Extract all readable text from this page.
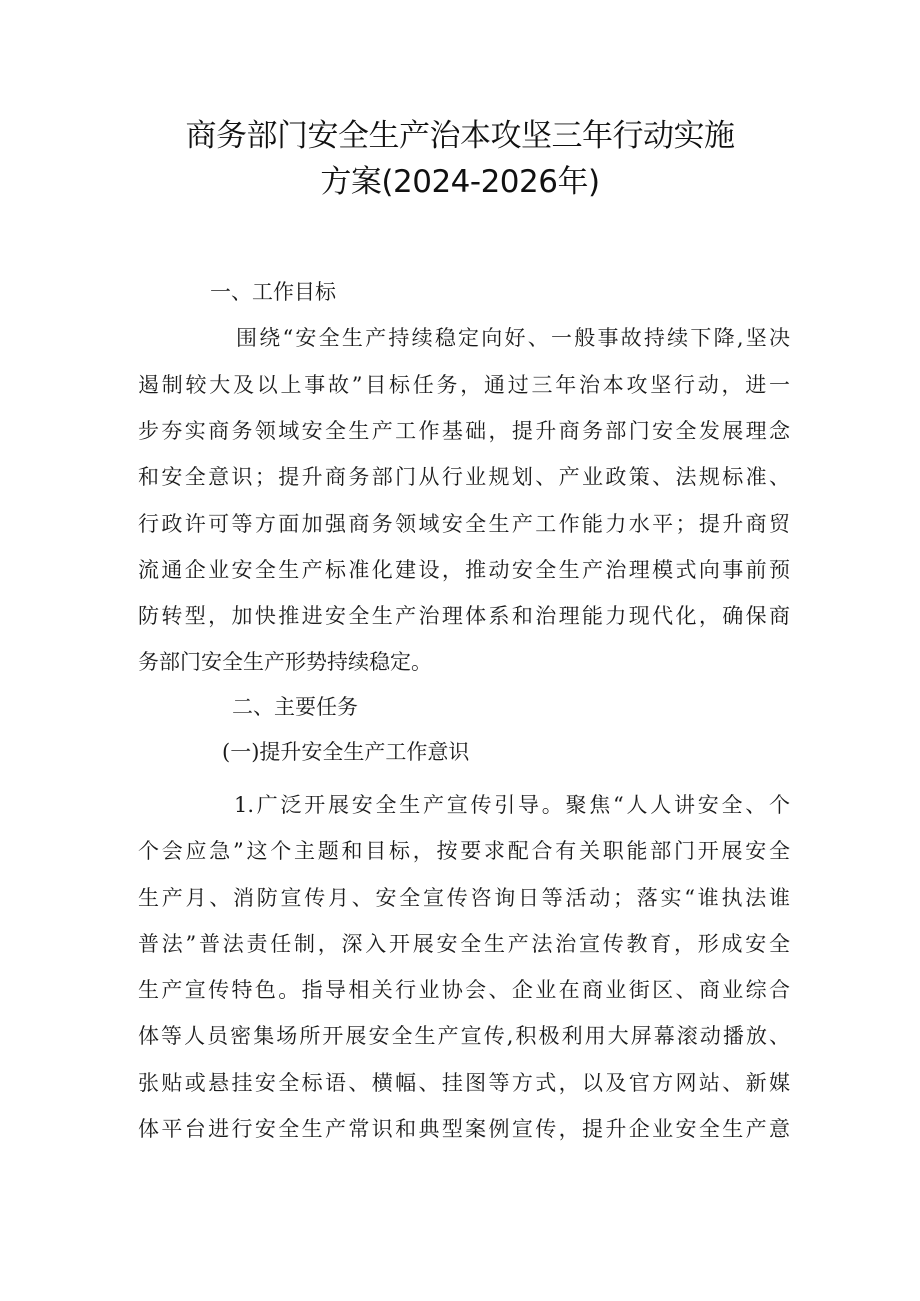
商务部门安全生产治本攻坚三年行动实施
方案(2024-2026年)
一、工作目标
围绕“安全生产持续稳定向好、一般事故持续下降,坚决
遏制较大及以上事故”目标任务，通过三年治本攻坚行动，进一
步夯实商务领域安全生产工作基础，提升商务部门安全发展理念
和安全意识；提升商务部门从行业规划、产业政策、法规标准、
行政许可等方面加强商务领域安全生产工作能力水平；提升商贸
流通企业安全生产标准化建设，推动安全生产治理模式向事前预
防转型，加快推进安全生产治理体系和治理能力现代化，确保商
务部门安全生产形势持续稳定。
二、主要任务
(一)提升安全生产工作意识
1.广泛开展安全生产宣传引导。聚焦“人人讲安全、个
个会应急”这个主题和目标，按要求配合有关职能部门开展安全
生产月、消防宣传月、安全宣传咨询日等活动；落实“谁执法谁
普法”普法责任制，深入开展安全生产法治宣传教育，形成安全
生产宣传特色。指导相关行业协会、企业在商业街区、商业综合
体等人员密集场所开展安全生产宣传,积极利用大屏幕滚动播放、
张贴或悬挂安全标语、横幅、挂图等方式，以及官方网站、新媒
体平台进行安全生产常识和典型案例宣传，提升企业安全生产意
